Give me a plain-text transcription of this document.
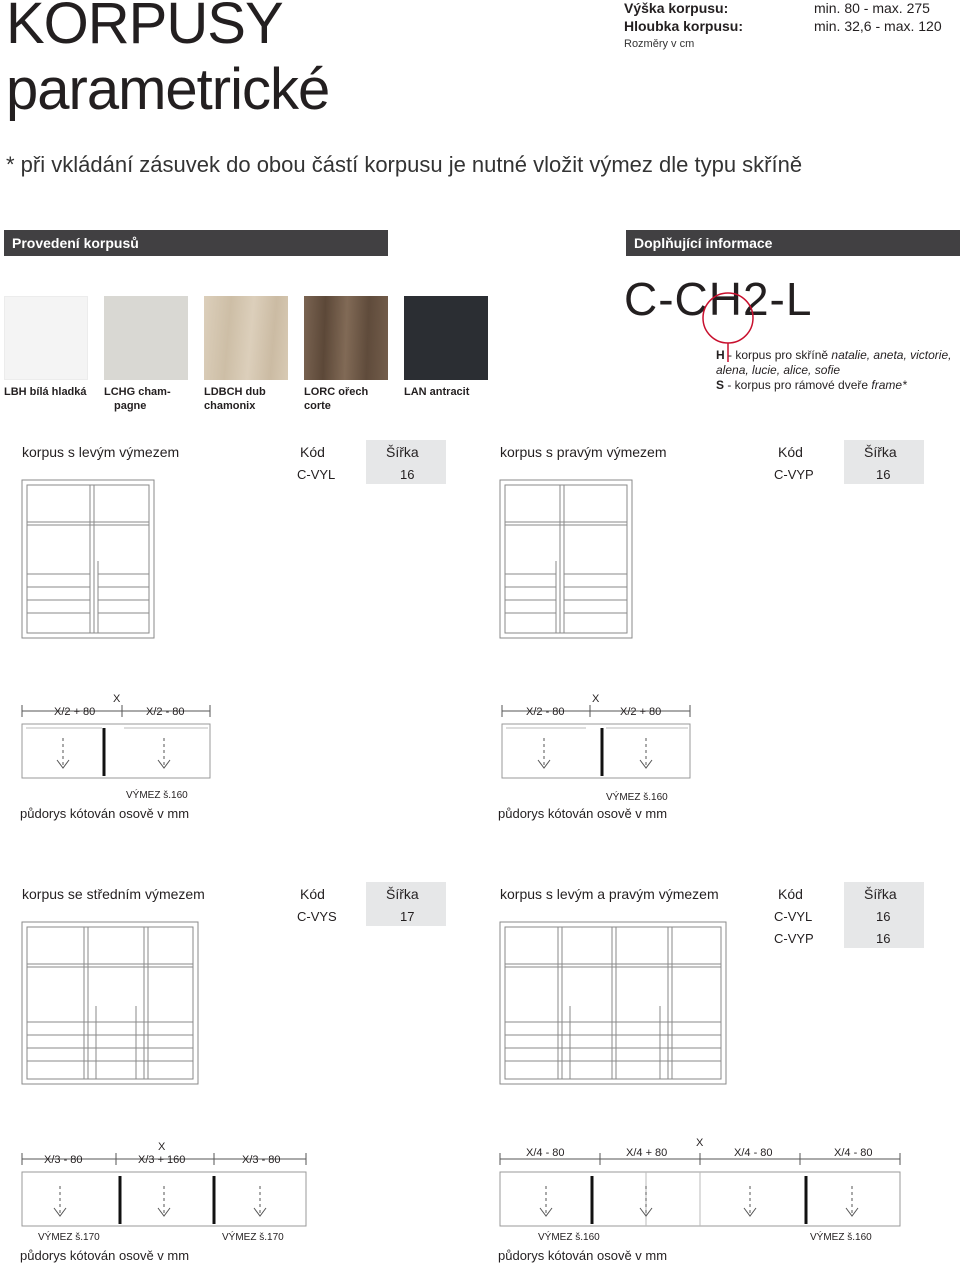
KORPUSY
parametrické
* při vkládání zásuvek do obou částí korpusu je nutné vložit výmez dle typu skříně
Výška korpusu:	min. 80 - max. 275
Hloubka korpusu:	min. 32,6 - max. 120
Rozměry v cm
Provedení korpusů	Doplňující informace
LBH bílá hladká	LCHG cham-
pagne
LDBCH dub
chamonix
LORC ořech
corte
LAN antracit
C-CH2-L
H - korpus pro skříně natalie, aneta, victorie, alena, lucie, alice, sofie
S - korpus pro rámové dveře frame*
korpus s levým výmezem	Kód	Šířka
C-VYL	16
X
X/2 + 80	X/2 - 80
VÝMEZ š.160
půdorys kótován osově v mm
korpus s pravým výmezem	Kód	Šířka
C-VYP	16
X
X/2 - 80	X/2 + 80
VÝMEZ š.160
půdorys kótován osově v mm
korpus se středním výmezem	Kód	Šířka
C-VYS	17
X
X/3 - 80	X/3 + 160	X/3 - 80
VÝMEZ š.170	VÝMEZ š.170
půdorys kótován osově v mm
korpus s levým a pravým výmezem	Kód	Šířka
C-VYL	16
C-VYP	16
X
X/4 - 80	X/4 + 80	X/4 - 80	X/4 - 80
VÝMEZ š.160	VÝMEZ š.160
půdorys kótován osově v mm
